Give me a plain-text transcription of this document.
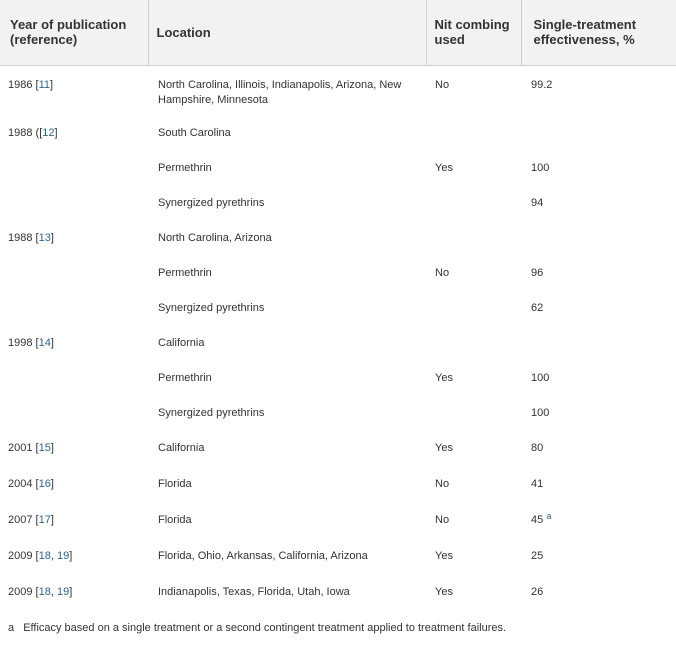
Year of publication (reference)	Location	Nit combing used	Single-treatment effectiveness, %
1986 [11]	North Carolina, Illinois, Indianapolis, Arizona, New Hampshire, Minnesota	No	99.2
1988 ([12]	South Carolina		
	Permethrin	Yes	100
	Synergized pyrethrins		94
1988 [13]	North Carolina, Arizona		
	Permethrin	No	96
	Synergized pyrethrins		62
1998 [14]	California		
	Permethrin	Yes	100
	Synergized pyrethrins		100
2001 [15]	California	Yes	80
2004 [16]	Florida	No	41
2007 [17]	Florida	No	45 $^a$
2009 [18, 19]	Florida, Ohio, Arkansas, California, Arizona	Yes	25
2009 [18, 19]	Indianapolis, Texas, Florida, Utah, Iowa	Yes	26
a Efficacy based on a single treatment or a second contingent treatment applied to treatment failures.
